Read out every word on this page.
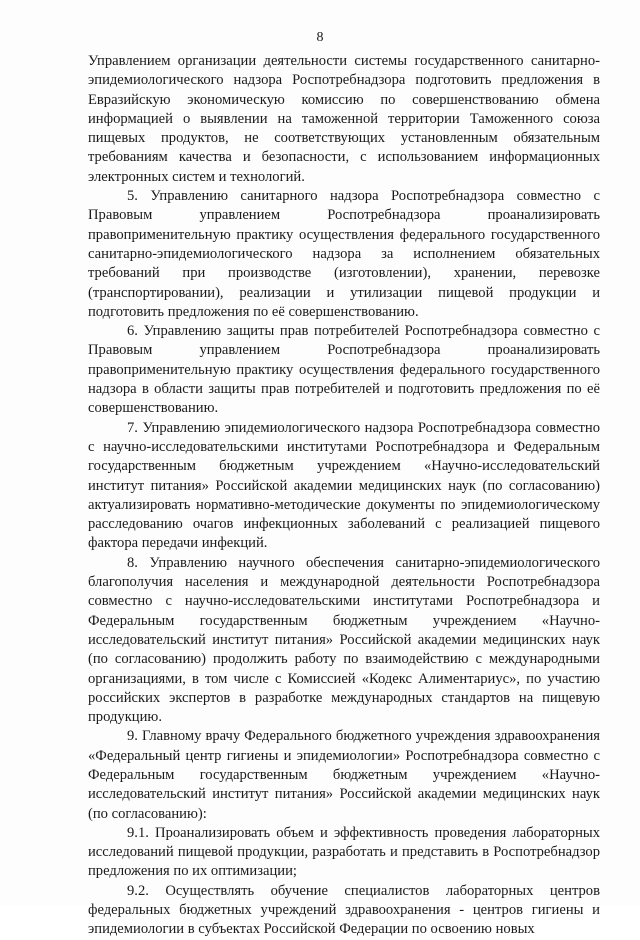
8

Управлением организации деятельности системы государственного санитарно-эпидемиологического надзора Роспотребнадзора подготовить предложения в Евразийскую экономическую комиссию по совершенствованию обмена информацией о выявлении на таможенной территории Таможенного союза пищевых продуктов, не соответствующих установленным обязательным требованиям качества и безопасности, с использованием информационных электронных систем и технологий.

5. Управлению санитарного надзора Роспотребнадзора совместно с Правовым управлением Роспотребнадзора проанализировать правоприменительную практику осуществления федерального государственного санитарно-эпидемиологического надзора за исполнением обязательных требований при производстве (изготовлении), хранении, перевозке (транспортировании), реализации и утилизации пищевой продукции и подготовить предложения по её совершенствованию.

6. Управлению защиты прав потребителей Роспотребнадзора совместно с Правовым управлением Роспотребнадзора проанализировать правоприменительную практику осуществления федерального государственного надзора в области защиты прав потребителей и подготовить предложения по её совершенствованию.

7. Управлению эпидемиологического надзора Роспотребнадзора совместно с научно-исследовательскими институтами Роспотребнадзора и Федеральным государственным бюджетным учреждением «Научно-исследовательский институт питания» Российской академии медицинских наук (по согласованию) актуализировать нормативно-методические документы по эпидемиологическому расследованию очагов инфекционных заболеваний с реализацией пищевого фактора передачи инфекций.

8. Управлению научного обеспечения санитарно-эпидемиологического благополучия населения и международной деятельности Роспотребнадзора совместно с научно-исследовательскими институтами Роспотребнадзора и Федеральным государственным бюджетным учреждением «Научно-исследовательский институт питания» Российской академии медицинских наук (по согласованию) продолжить работу по взаимодействию с международными организациями, в том числе с Комиссией «Кодекс Алиментариус», по участию российских экспертов в разработке международных стандартов на пищевую продукцию.

9. Главному врачу Федерального бюджетного учреждения здравоохранения «Федеральный центр гигиены и эпидемиологии» Роспотребнадзора совместно с Федеральным государственным бюджетным учреждением «Научно-исследовательский институт питания» Российской академии медицинских наук (по согласованию):

9.1. Проанализировать объем и эффективность проведения лабораторных исследований пищевой продукции, разработать и представить в Роспотребнадзор предложения по их оптимизации;

9.2. Осуществлять обучение специалистов лабораторных центров федеральных бюджетных учреждений здравоохранения - центров гигиены и эпидемиологии в субъектах Российской Федерации по освоению новых
